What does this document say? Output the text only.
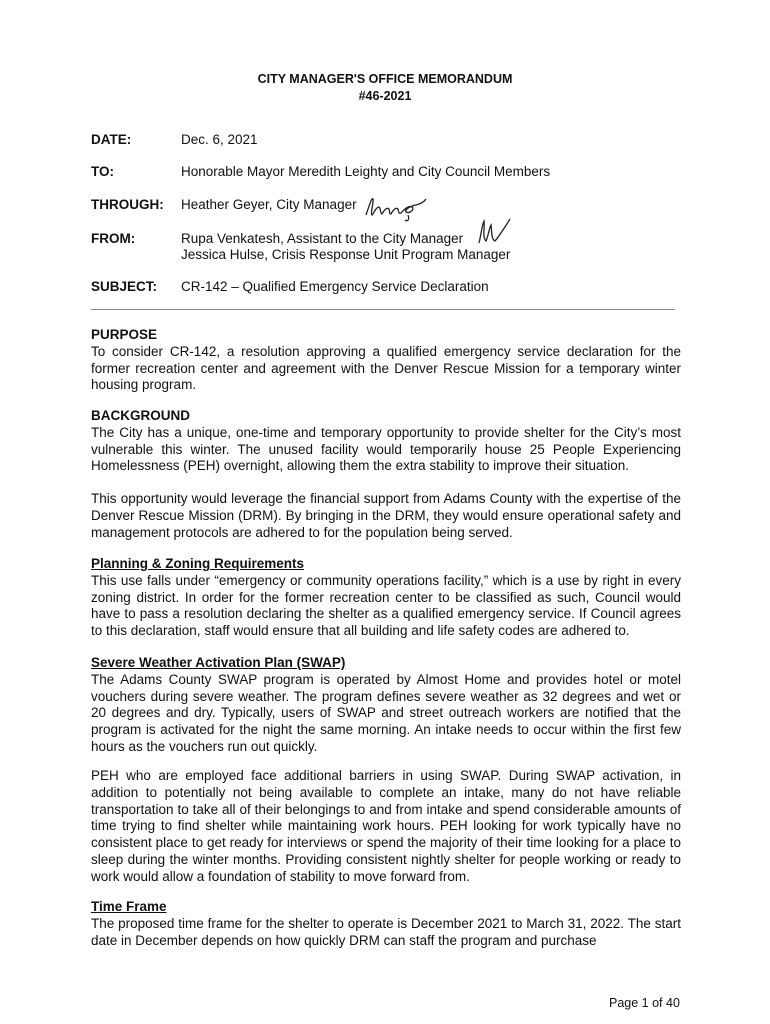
CITY MANAGER'S OFFICE MEMORANDUM
#46-2021
DATE:	Dec. 6, 2021
TO:	Honorable Mayor Meredith Leighty and City Council Members
THROUGH: Heather Geyer, City Manager
FROM:	Rupa Venkatesh, Assistant to the City Manager
Jessica Hulse, Crisis Response Unit Program Manager
SUBJECT: CR-142 – Qualified Emergency Service Declaration
PURPOSE
To consider CR-142, a resolution approving a qualified emergency service declaration for the former recreation center and agreement with the Denver Rescue Mission for a temporary winter housing program.
BACKGROUND
The City has a unique, one-time and temporary opportunity to provide shelter for the City’s most vulnerable this winter. The unused facility would temporarily house 25 People Experiencing Homelessness (PEH) overnight, allowing them the extra stability to improve their situation.
This opportunity would leverage the financial support from Adams County with the expertise of the Denver Rescue Mission (DRM). By bringing in the DRM, they would ensure operational safety and management protocols are adhered to for the population being served.
Planning & Zoning Requirements
This use falls under “emergency or community operations facility,” which is a use by right in every zoning district. In order for the former recreation center to be classified as such, Council would have to pass a resolution declaring the shelter as a qualified emergency service. If Council agrees to this declaration, staff would ensure that all building and life safety codes are adhered to.
Severe Weather Activation Plan (SWAP)
The Adams County SWAP program is operated by Almost Home and provides hotel or motel vouchers during severe weather. The program defines severe weather as 32 degrees and wet or 20 degrees and dry. Typically, users of SWAP and street outreach workers are notified that the program is activated for the night the same morning. An intake needs to occur within the first few hours as the vouchers run out quickly.
PEH who are employed face additional barriers in using SWAP. During SWAP activation, in addition to potentially not being available to complete an intake, many do not have reliable transportation to take all of their belongings to and from intake and spend considerable amounts of time trying to find shelter while maintaining work hours. PEH looking for work typically have no consistent place to get ready for interviews or spend the majority of their time looking for a place to sleep during the winter months. Providing consistent nightly shelter for people working or ready to work would allow a foundation of stability to move forward from.
Time Frame
The proposed time frame for the shelter to operate is December 2021 to March 31, 2022. The start date in December depends on how quickly DRM can staff the program and purchase
Page 1 of 40
